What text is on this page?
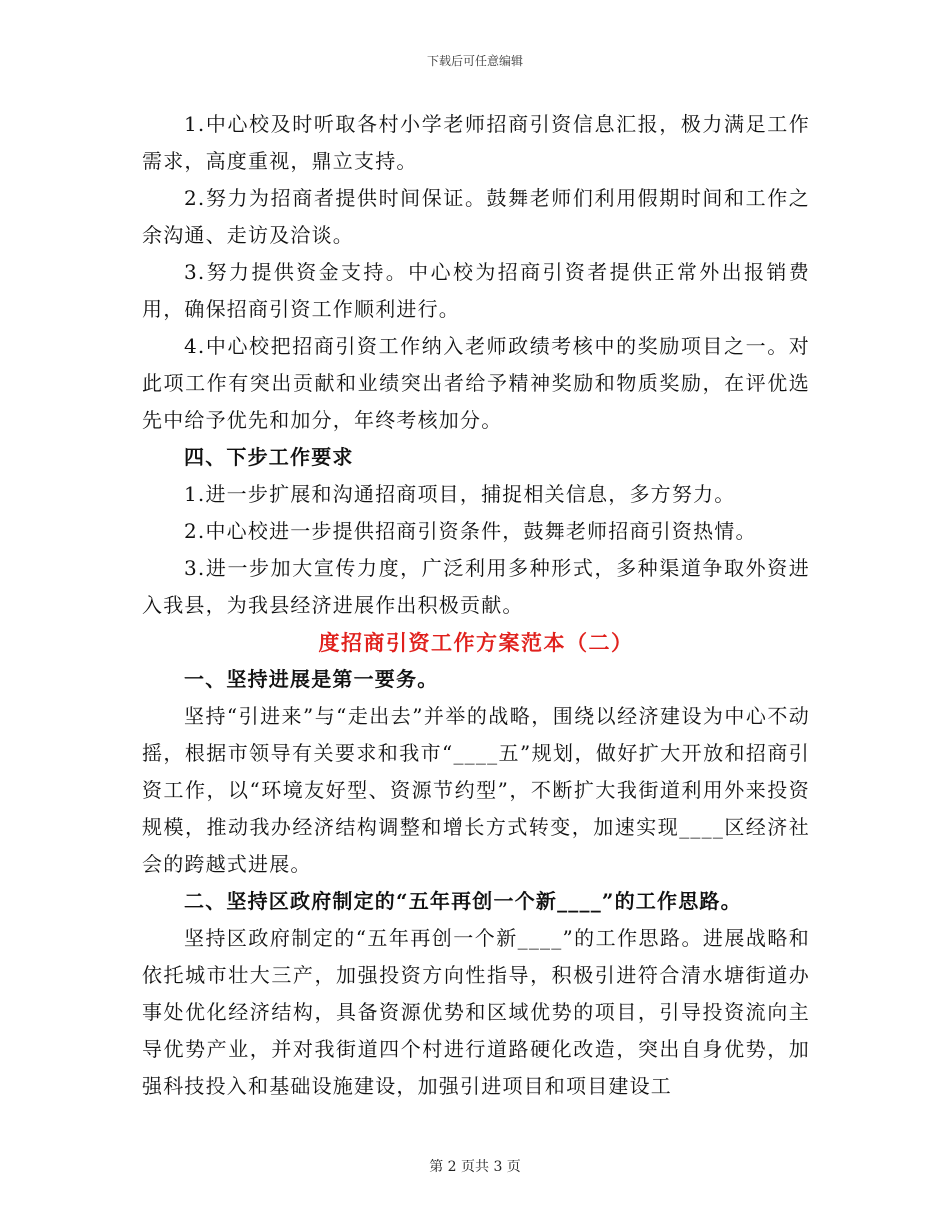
下载后可任意编辑

1.中心校及时听取各村小学老师招商引资信息汇报，极力满足工作需求，高度重视，鼎立支持。

2.努力为招商者提供时间保证。鼓舞老师们利用假期时间和工作之余沟通、走访及洽谈。

3.努力提供资金支持。中心校为招商引资者提供正常外出报销费用，确保招商引资工作顺利进行。

4.中心校把招商引资工作纳入老师政绩考核中的奖励项目之一。对此项工作有突出贡献和业绩突出者给予精神奖励和物质奖励，在评优选先中给予优先和加分，年终考核加分。

四、下步工作要求

1.进一步扩展和沟通招商项目，捕捉相关信息，多方努力。

2.中心校进一步提供招商引资条件，鼓舞老师招商引资热情。

3.进一步加大宣传力度，广泛利用多种形式，多种渠道争取外资进入我县，为我县经济进展作出积极贡献。

度招商引资工作方案范本（二）

一、坚持进展是第一要务。

坚持“引进来”与“走出去”并举的战略，围绕以经济建设为中心不动摇，根据市领导有关要求和我市“____五”规划，做好扩大开放和招商引资工作，以“环境友好型、资源节约型”，不断扩大我街道利用外来投资规模，推动我办经济结构调整和增长方式转变，加速实现____区经济社会的跨越式进展。

二、坚持区政府制定的“五年再创一个新____”的工作思路。

坚持区政府制定的“五年再创一个新____”的工作思路。进展战略和依托城市壮大三产，加强投资方向性指导，积极引进符合清水塘街道办事处优化经济结构，具备资源优势和区域优势的项目，引导投资流向主导优势产业，并对我街道四个村进行道路硬化改造，突出自身优势，加强科技投入和基础设施建设，加强引进项目和项目建设工

第 2 页共 3 页
